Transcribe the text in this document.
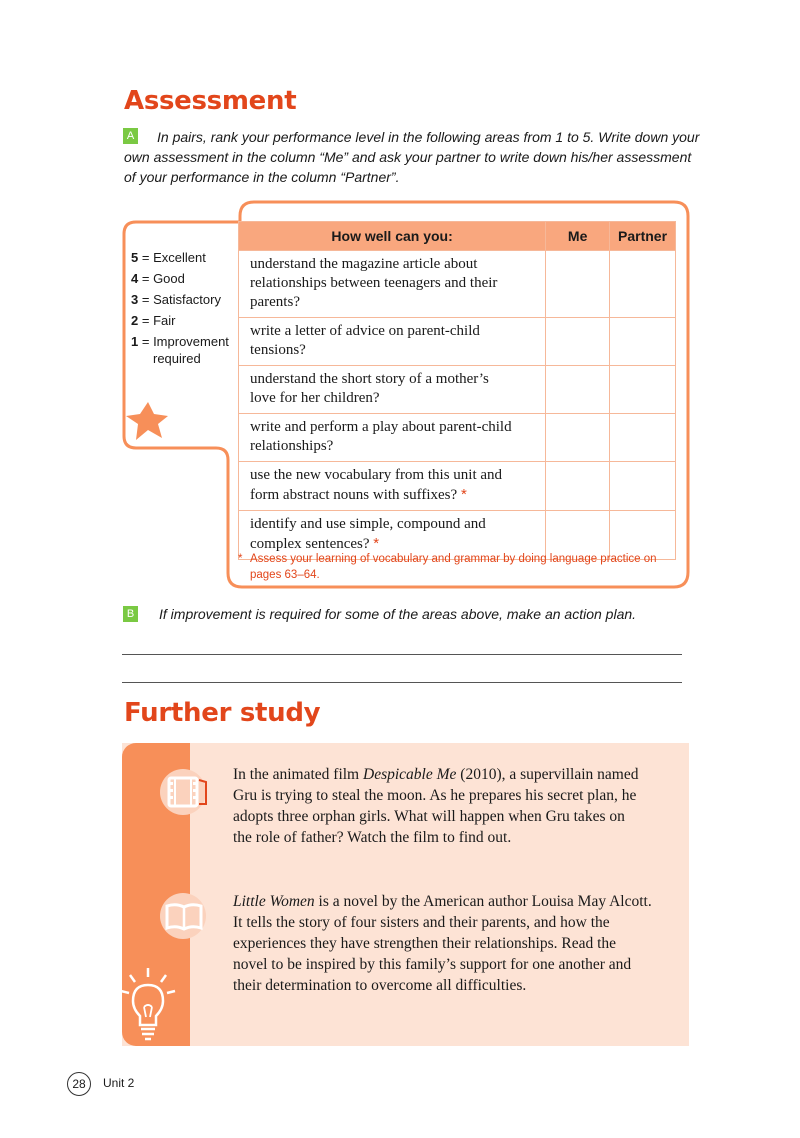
Assessment
A	In pairs, rank your performance level in the following areas from 1 to 5. Write down your
own assessment in the column “Me” and ask your partner to write down his/her assessment
of your performance in the column “Partner”.
5 = Excellent
4 = Good
3 = Satisfactory
2 = Fair
1 = Improvement
required
How well can you:	Me	Partner

understand the magazine article about
relationships between teenagers and their
parents?		

write a letter of advice on parent-child
tensions?		

understand the short story of a mother’s
love for her children?		

write and perform a play about parent-child
relationships?		

use the new vocabulary from this unit and
form abstract nouns with suffixes? *		

identify and use simple, compound and
complex sentences? *		

* Assess your learning of vocabulary and grammar by doing language practice on pages 63–64.
B If improvement is required for some of the areas above, make an action plan.
Further study
In the animated film Despicable Me (2010), a supervillain named
Gru is trying to steal the moon. As he prepares his secret plan, he
adopts three orphan girls. What will happen when Gru takes on
the role of father? Watch the film to find out.
Little Women is a novel by the American author Louisa May Alcott.
It tells the story of four sisters and their parents, and how the
experiences they have strengthen their relationships. Read the
novel to be inspired by this family’s support for one another and
their determination to overcome all difficulties.
28	Unit 2
